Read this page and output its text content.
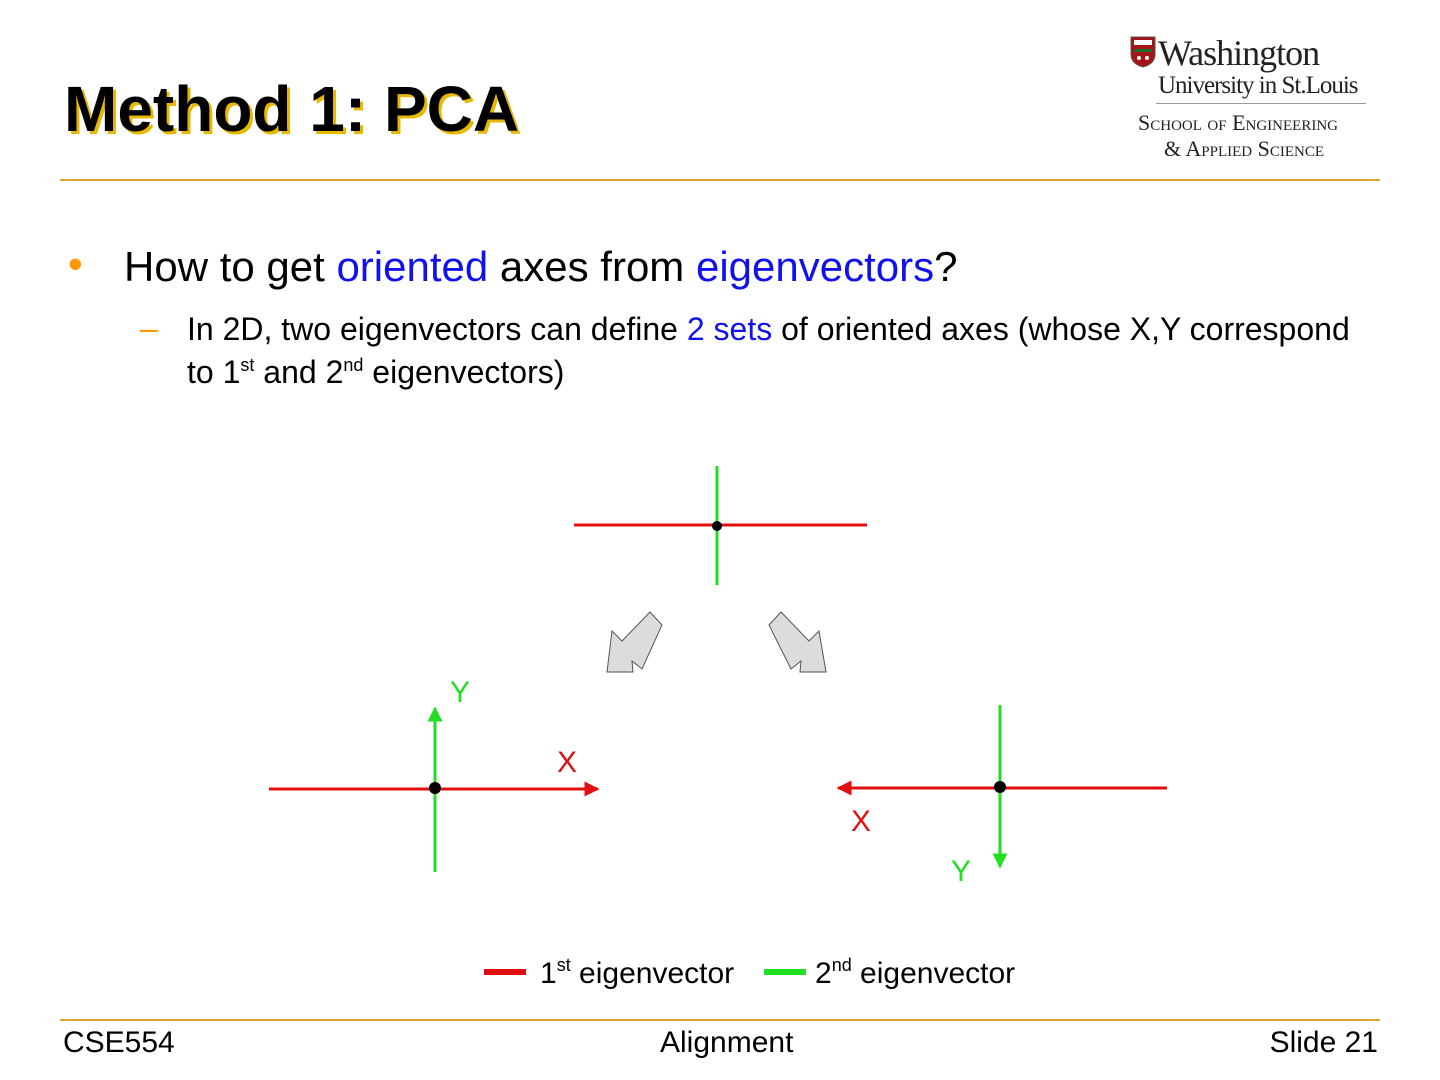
Method 1: PCA
Washington
University in St.Louis
School of Engineering
& Applied Science
• How to get oriented axes from eigenvectors?
– In 2D, two eigenvectors can define 2 sets of oriented axes (whose X,Y correspond to 1st and 2nd eigenvectors)
X
Y
X
Y
1st eigenvector	2nd eigenvector
CSE554	Alignment	Slide 21
